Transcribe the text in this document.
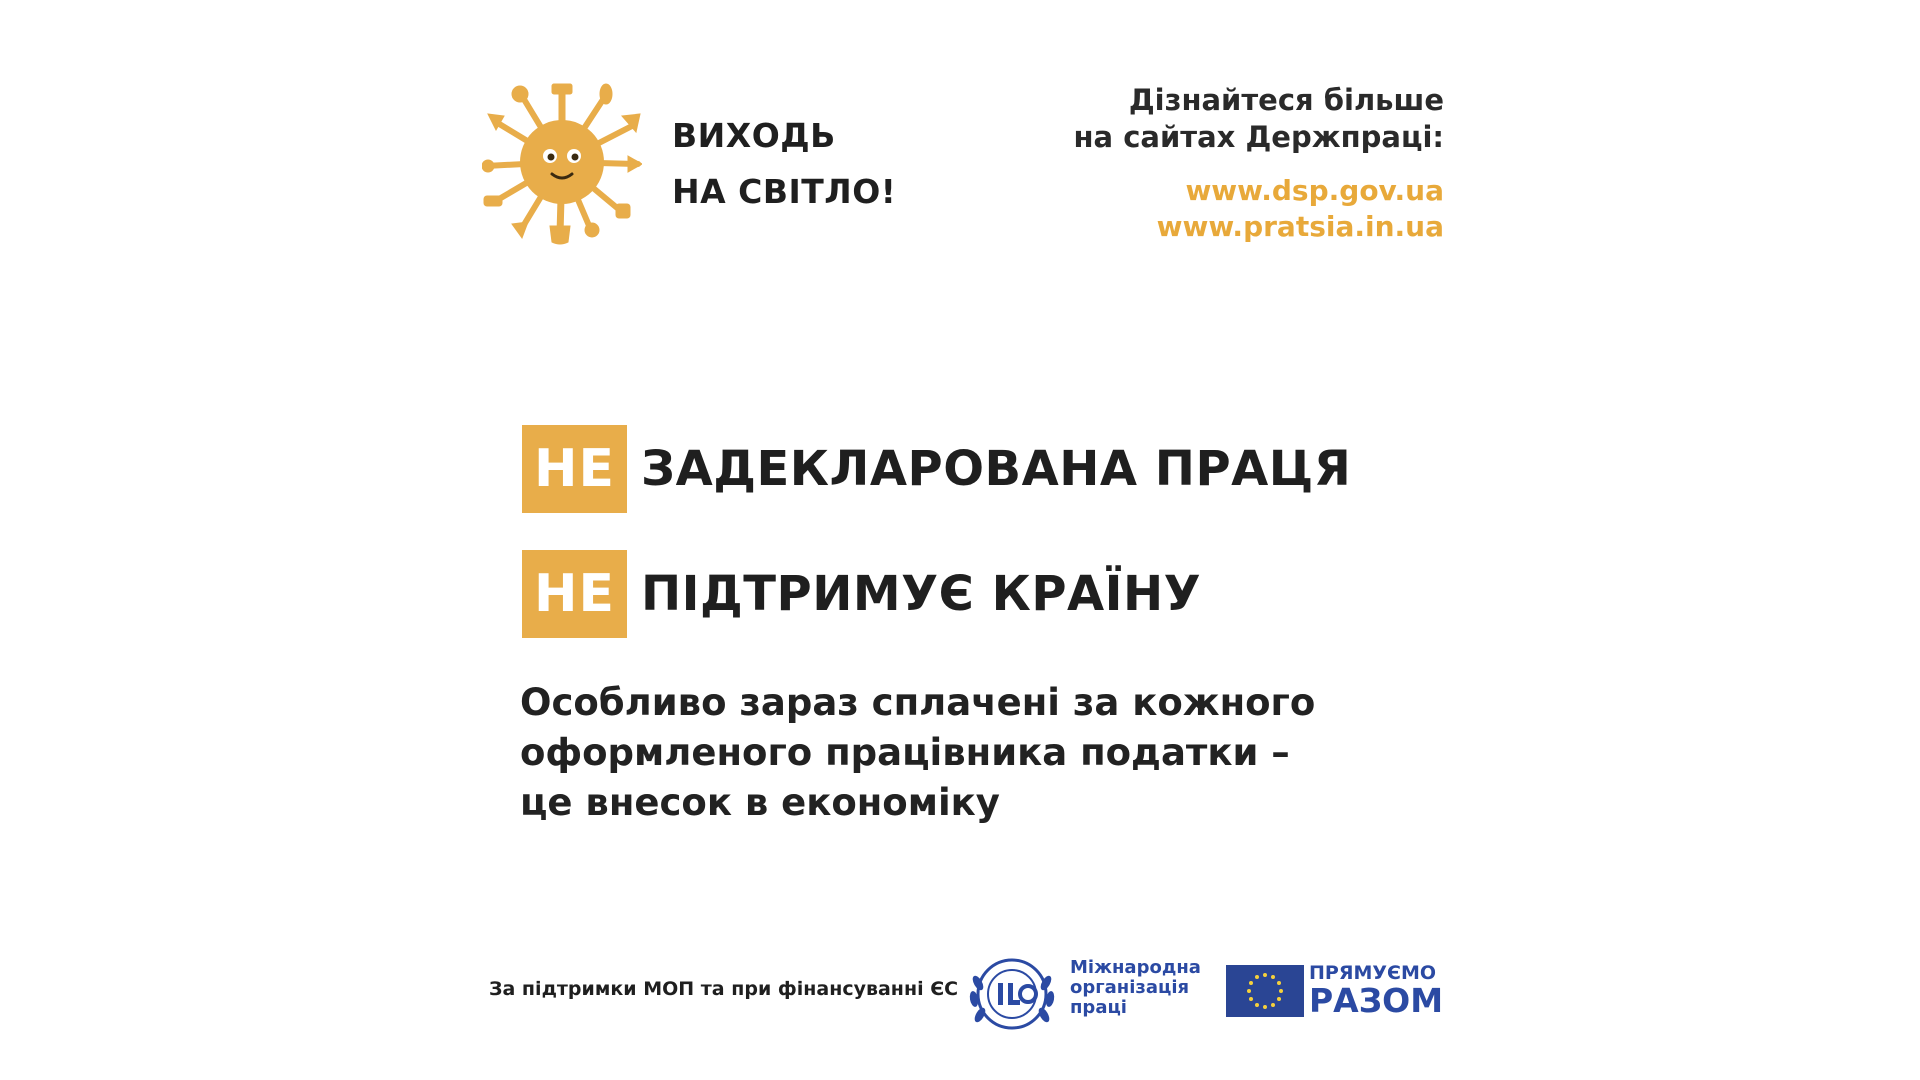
ВИХОДЬ
НА СВІТЛО!
Дізнайтеся більше
на сайтах Держпраці:
www.dsp.gov.ua
www.pratsia.in.ua
НЕ ЗАДЕКЛАРОВАНА ПРАЦЯ
НЕ ПІДТРИМУЄ КРАЇНУ
Особливо зараз сплачені за кожного
оформленого працівника податки –
це внесок в економіку
За підтримки МОП та при фінансуванні ЄС
Міжнародна
організація
праці
ПРЯМУЄМО
РАЗОМ
